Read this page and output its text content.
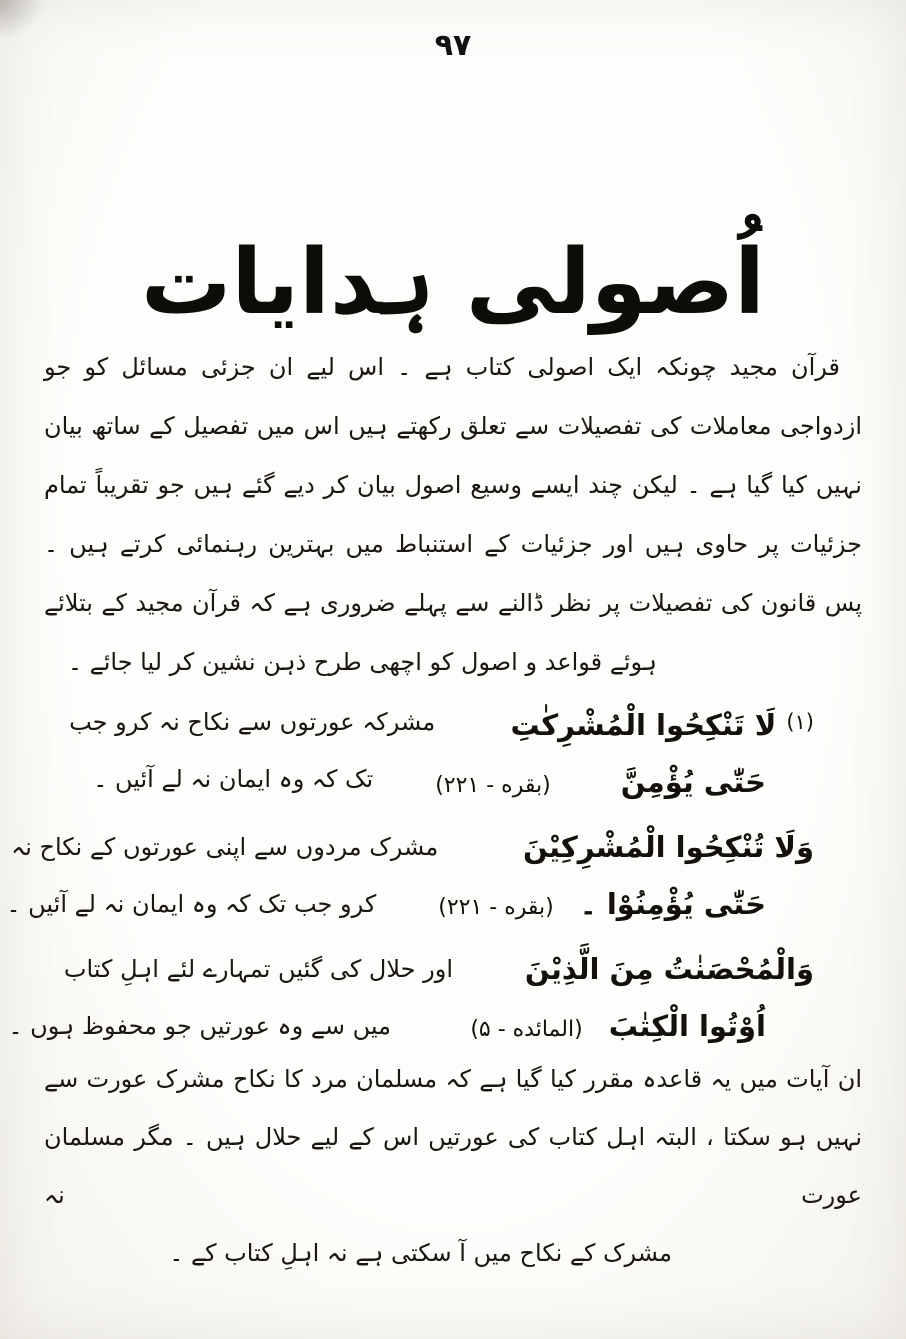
۹۷
اُصولی ہدایات
قرآن مجید چونکہ ایک اصولی کتاب ہے ۔ اس لیے ان جزئی مسائل کو جو
ازدواجی معاملات کی تفصیلات سے تعلق رکھتے ہیں اس میں تفصیل کے ساتھ بیان
نہیں کیا گیا ہے ۔ لیکن چند ایسے وسیع اصول بیان کر دیے گئے ہیں جو تقریباً تمام
جزئیات پر حاوی ہیں اور جزئیات کے استنباط میں بہترین رہنمائی کرتے ہیں ۔
پس قانون کی تفصیلات پر نظر ڈالنے سے پہلے ضروری ہے کہ قرآن مجید کے بتلائے
ہوئے قواعد و اصول کو اچھی طرح ذہن نشین کر لیا جائے ۔
$^{(۱)}$لَا تَنْكِحُوا الْمُشْرِكٰتِ
حَتّٰى يُؤْمِنَّ(بقره - ۲۲۱)
مشرکہ عورتوں سے نکاح نہ کرو جب
تک کہ وہ ایمان نہ لے آئیں ۔
وَلَا تُنْكِحُوا الْمُشْرِكِيْنَ
حَتّٰى يُؤْمِنُوْا ۔(بقره - ۲۲۱)
مشرک مردوں سے اپنی عورتوں کے نکاح نہ
کرو جب تک کہ وہ ایمان نہ لے آئیں ۔
وَالْمُحْصَنٰتُ مِنَ الَّذِيْنَ
اُوْتُوا الْكِتٰبَ(المائده - ۵)
اور حلال کی گئیں تمہارے لئے اہلِ کتاب
میں سے وہ عورتیں جو محفوظ ہوں ۔
ان آیات میں یہ قاعدہ مقرر کیا گیا ہے کہ مسلمان مرد کا نکاح مشرک عورت سے
نہیں ہو سکتا ، البتہ اہل کتاب کی عورتیں اس کے لیے حلال ہیں ۔ مگر مسلمان عورت نہ
مشرک کے نکاح میں آ سکتی ہے نہ اہلِ کتاب کے ۔
